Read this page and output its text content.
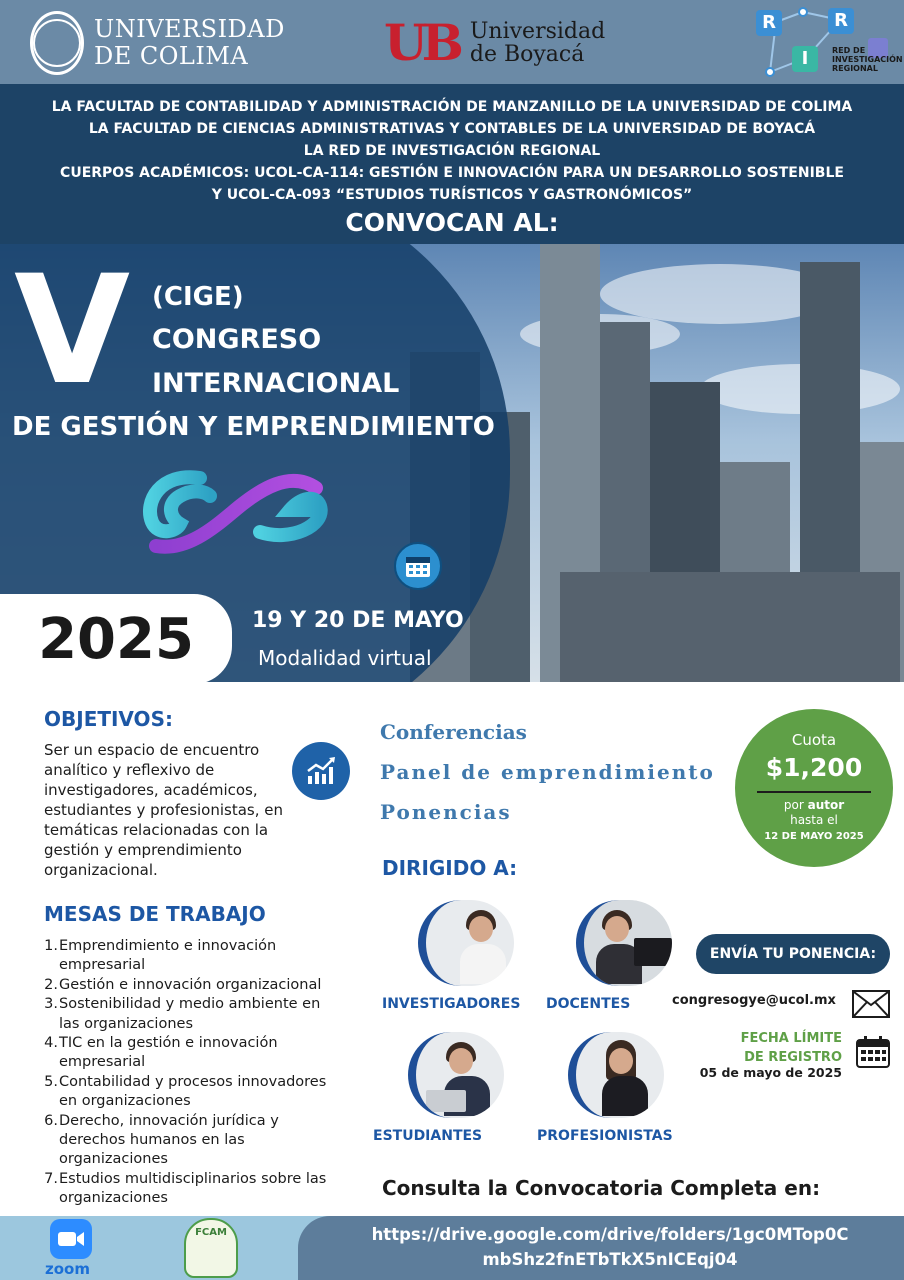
UNIVERSIDAD
DE COLIMA	UB Universidad
de Boyacá
R
I
R
RED DE
INVESTIGACIÓN
REGIONAL
LA FACULTAD DE CONTABILIDAD Y ADMINISTRACIÓN DE MANZANILLO DE LA UNIVERSIDAD DE COLIMA
LA FACULTAD DE CIENCIAS ADMINISTRATIVAS Y CONTABLES DE LA UNIVERSIDAD DE BOYACÁ
LA RED DE INVESTIGACIÓN REGIONAL
CUERPOS ACADÉMICOS: UCOL-CA-114: GESTIÓN E INNOVACIÓN PARA UN DESARROLLO SOSTENIBLE
Y UCOL-CA-093 “ESTUDIOS TURÍSTICOS Y GASTRONÓMICOS”
CONVOCAN AL:
V (CIGE)
CONGRESO
INTERNACIONAL
DE GESTIÓN Y EMPRENDIMIENTO
2025	19 Y 20 DE MAYO
Modalidad virtual
OBJETIVOS:
Ser un espacio de encuentro analítico y reflexivo de investigadores, académicos, estudiantes y profesionistas, en temáticas relacionadas con la gestión y emprendimiento organizacional.
MESAS DE TRABAJO
1. Emprendimiento e innovación
empresarial
2. Gestión e innovación organizacional
3. Sostenibilidad y medio ambiente en
las organizaciones
4. TIC en la gestión e innovación
empresarial
5. Contabilidad y procesos innovadores
en organizaciones
6. Derecho, innovación jurídica y
derechos humanos en las
organizaciones
7. Estudios multidisciplinarios sobre las
organizaciones
Conferencias
Panel de emprendimiento
Ponencias
Cuota
$1,200
por autor
hasta el
12 DE MAYO 2025
DIRIGIDO A:
INVESTIGADORES DOCENTES
ESTUDIANTES	PROFESIONISTAS
ENVÍA TU PONENCIA:
congresogye@ucol.mx
FECHA LÍMITE
DE REGISTRO
05 de mayo de 2025
Consulta la Convocatoria Completa en:
https://drive.google.com/drive/folders/1gc0MTop0C
mbShz2fnETbTkX5nICEqj04
zoom
FCAM
